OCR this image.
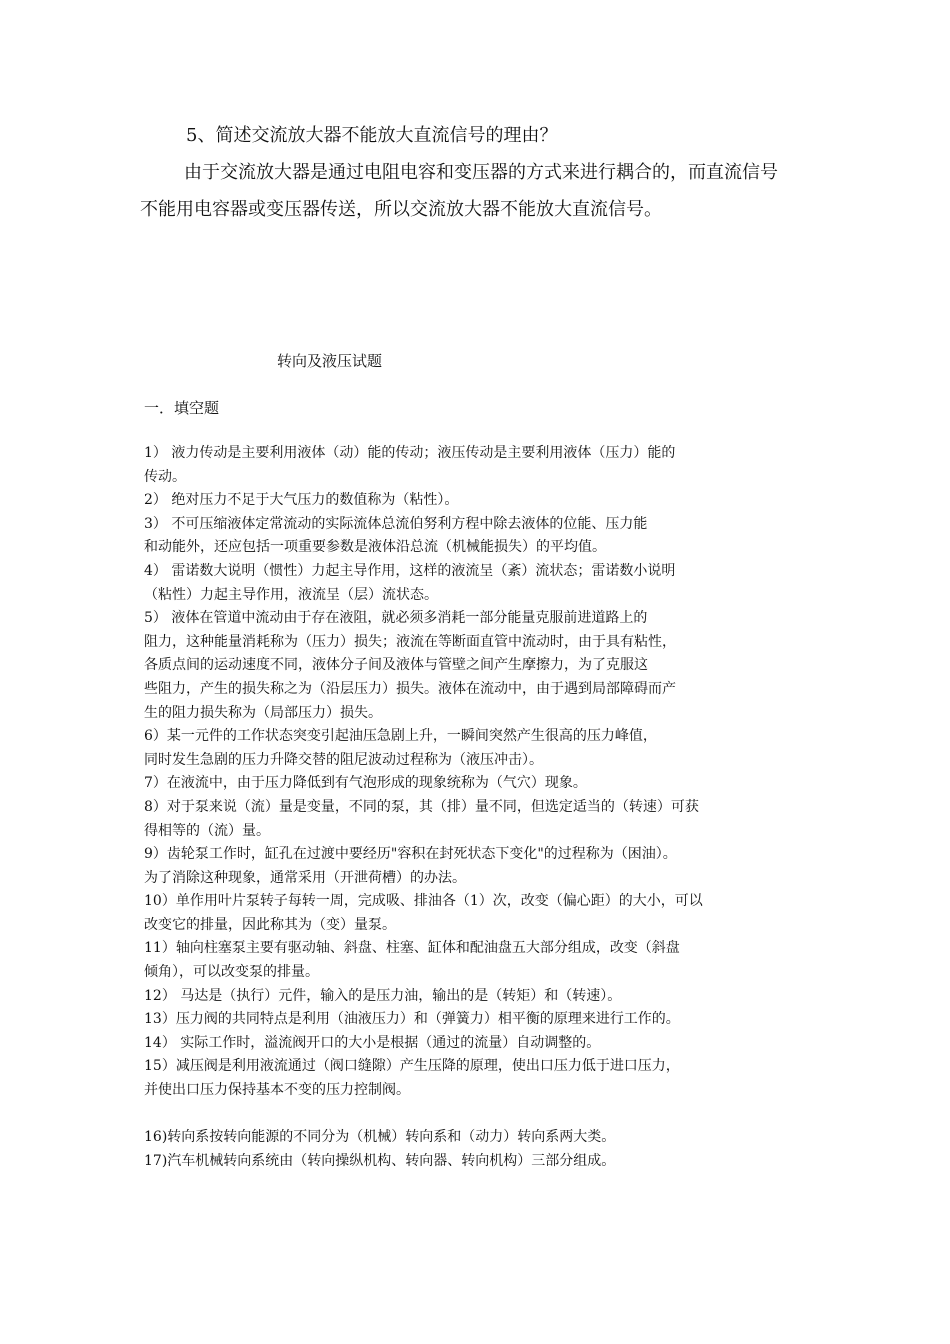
5、简述交流放大器不能放大直流信号的理由？
由于交流放大器是通过电阻电容和变压器的方式来进行耦合的，而直流信号
不能用电容器或变压器传送，所以交流放大器不能放大直流信号。
转向及液压试题
一．填空题
1） 液力传动是主要利用液体（动）能的传动；液压传动是主要利用液体（压力）能的
传动。
2） 绝对压力不足于大气压力的数值称为（粘性）。
3） 不可压缩液体定常流动的实际流体总流伯努利方程中除去液体的位能、压力能
和动能外，还应包括一项重要参数是液体沿总流（机械能损失）的平均值。
4） 雷诺数大说明（惯性）力起主导作用，这样的液流呈（紊）流状态；雷诺数小说明
（粘性）力起主导作用，液流呈（层）流状态。
5） 液体在管道中流动由于存在液阻，就必须多消耗一部分能量克服前进道路上的
阻力，这种能量消耗称为（压力）损失；液流在等断面直管中流动时，由于具有粘性，
各质点间的运动速度不同，液体分子间及液体与管壁之间产生摩擦力，为了克服这
些阻力，产生的损失称之为（沿层压力）损失。液体在流动中，由于遇到局部障碍而产
生的阻力损失称为（局部压力）损失。
6）某一元件的工作状态突变引起油压急剧上升，一瞬间突然产生很高的压力峰值，
同时发生急剧的压力升降交替的阻尼波动过程称为（液压冲击）。
7）在液流中，由于压力降低到有气泡形成的现象统称为（气穴）现象。
8）对于泵来说（流）量是变量，不同的泵，其（排）量不同，但选定适当的（转速）可获
得相等的（流）量。
9）齿轮泵工作时，缸孔在过渡中要经历"容积在封死状态下变化"的过程称为（困油）。
为了消除这种现象，通常采用（开泄荷槽）的办法。
10）单作用叶片泵转子每转一周，完成吸、排油各（1）次，改变（偏心距）的大小，可以
改变它的排量，因此称其为（变）量泵。
11）轴向柱塞泵主要有驱动轴、斜盘、柱塞、缸体和配油盘五大部分组成，改变（斜盘
倾角），可以改变泵的排量。
12） 马达是（执行）元件，输入的是压力油，输出的是（转矩）和（转速）。
13）压力阀的共同特点是利用（油液压力）和（弹簧力）相平衡的原理来进行工作的。
14） 实际工作时，溢流阀开口的大小是根据（通过的流量）自动调整的。
15）减压阀是利用液流通过（阀口缝隙）产生压降的原理，使出口压力低于进口压力，
并使出口压力保持基本不变的压力控制阀。
16)转向系按转向能源的不同分为（机械）转向系和（动力）转向系两大类。
17)汽车机械转向系统由（转向操纵机构、转向器、转向机构）三部分组成。
